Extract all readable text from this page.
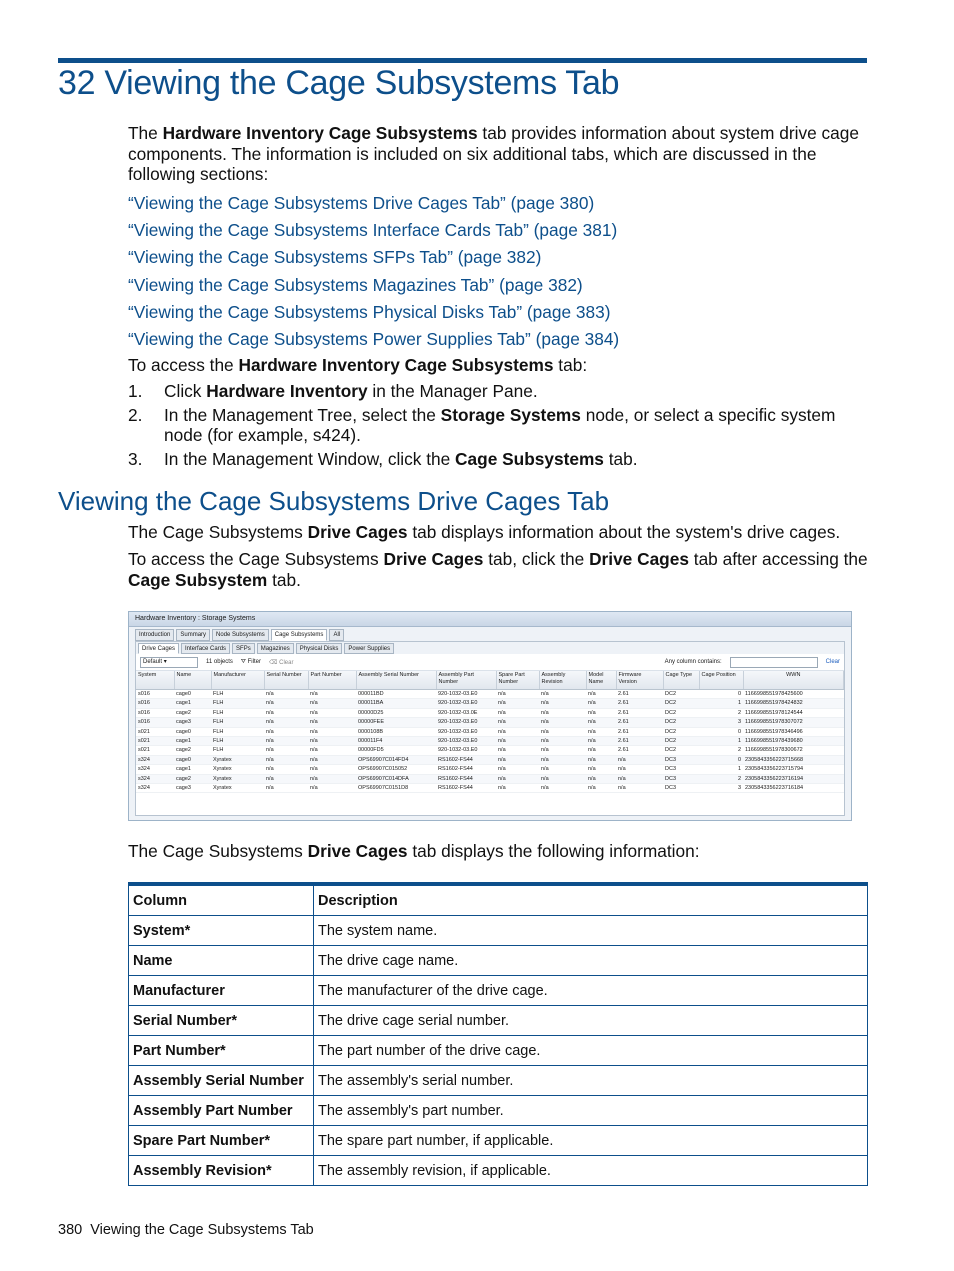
32 Viewing the Cage Subsystems Tab
The Hardware Inventory Cage Subsystems tab provides information about system drive cage components. The information is included on six additional tabs, which are discussed in the following sections:
“Viewing the Cage Subsystems Drive Cages Tab” (page 380)
“Viewing the Cage Subsystems Interface Cards Tab” (page 381)
“Viewing the Cage Subsystems SFPs Tab” (page 382)
“Viewing the Cage Subsystems Magazines Tab” (page 382)
“Viewing the Cage Subsystems Physical Disks Tab” (page 383)
“Viewing the Cage Subsystems Power Supplies Tab” (page 384)
To access the Hardware Inventory Cage Subsystems tab:
1. Click Hardware Inventory in the Manager Pane.
2. In the Management Tree, select the Storage Systems node, or select a specific system node (for example, s424).
3. In the Management Window, click the Cage Subsystems tab.
Viewing the Cage Subsystems Drive Cages Tab
The Cage Subsystems Drive Cages tab displays information about the system's drive cages.
To access the Cage Subsystems Drive Cages tab, click the Drive Cages tab after accessing the Cage Subsystem tab.
Hardware Inventory : Storage Systems
Introduction	Summary	Node Subsystems	Cage Subsystems	All
Drive Cages	Interface Cards	SFPs	Magazines	Physical Disks	Power Supplies
Default ▾	11 objects ⛛ Filter ⌫ Clear	Any column contains:	Clear
System	Name	Manufacturer	Serial Number	Part Number	Assembly Serial Number	Assembly Part Number	Spare Part Number	Assembly Revision	Model Name	Firmware Version	Cage Type	Cage Position	WWN
s016	cage0	FLH	n/a	n/a	000011BD	920-1032-03.E0	n/a	n/a	n/a	2.61	DC2	0	1166998551978425600
s016	cage1	FLH	n/a	n/a	000011BA	920-1032-03.E0	n/a	n/a	n/a	2.61	DC2	1	1166998551978424832
s016	cage2	FLH	n/a	n/a	00000D25	920-1032-03.0E	n/a	n/a	n/a	2.61	DC2	2	1166998551978124544
s016	cage3	FLH	n/a	n/a	00000FEE	920-1032-03.E0	n/a	n/a	n/a	2.61	DC2	3	1166998551978307072
s021	cage0	FLH	n/a	n/a	0000108B	920-1032-03.E0	n/a	n/a	n/a	2.61	DC2	0	1166998551978346496
s021	cage1	FLH	n/a	n/a	000011F4	920-1032-03.E0	n/a	n/a	n/a	2.61	DC2	1	1166998551978439680
s021	cage2	FLH	n/a	n/a	00000FD5	920-1032-03.E0	n/a	n/a	n/a	2.61	DC2	2	1166998551978300672
s324	cage0	Xyratex	n/a	n/a	OPS69907C014FD4	RS1602-FS44	n/a	n/a	n/a	n/a	DC3	0	2305843356223715668
s324	cage1	Xyratex	n/a	n/a	OPS69907C015052	RS1602-FS44	n/a	n/a	n/a	n/a	DC3	1	2305843356223715794
s324	cage2	Xyratex	n/a	n/a	OPS69907C014DFA	RS1602-FS44	n/a	n/a	n/a	n/a	DC3	2	2305843356223716194
s324	cage3	Xyratex	n/a	n/a	OPS69907C0151D8	RS1602-FS44	n/a	n/a	n/a	n/a	DC3	3	2305843356223716184
The Cage Subsystems Drive Cages tab displays the following information:
Column	Description
System*	The system name.
Name	The drive cage name.
Manufacturer	The manufacturer of the drive cage.
Serial Number*	The drive cage serial number.
Part Number*	The part number of the drive cage.
Assembly Serial Number	The assembly's serial number.
Assembly Part Number	The assembly's part number.
Spare Part Number*	The spare part number, if applicable.
Assembly Revision*	The assembly revision, if applicable.
380 Viewing the Cage Subsystems Tab
